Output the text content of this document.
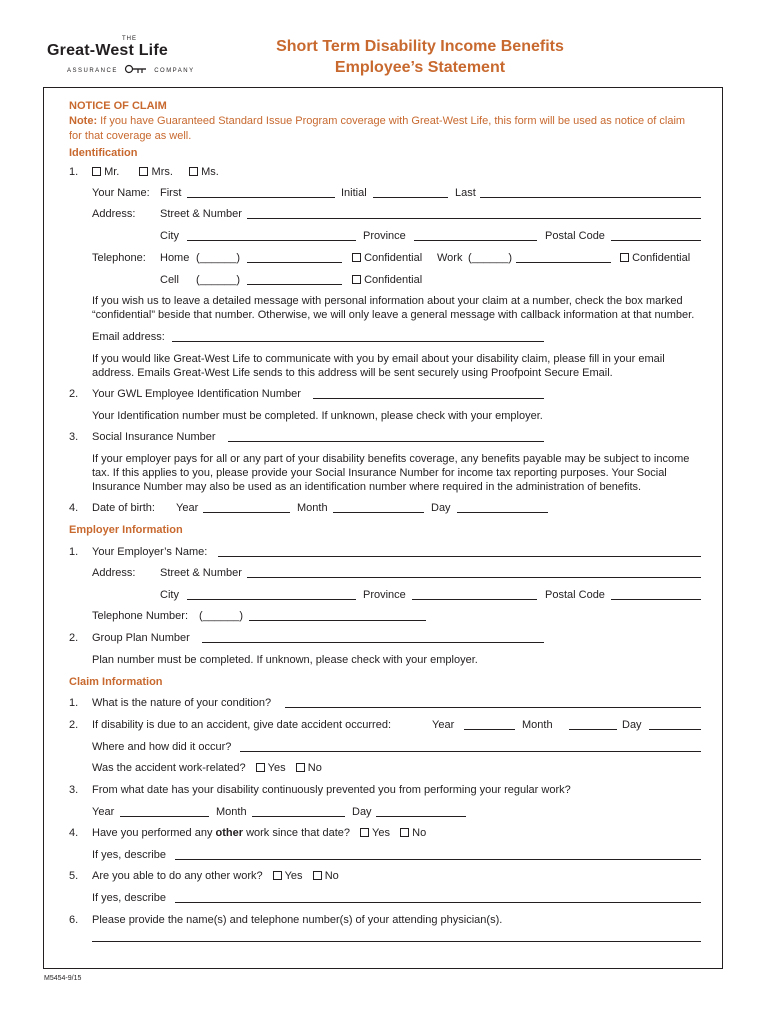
THE
Great-West Life
ASSURANCE	COMPANY
Short Term Disability Income Benefits
Employee’s Statement
NOTICE OF CLAIM
Note: If you have Guaranteed Standard Issue Program coverage with Great-West Life, this form will be used as notice of claim
for that coverage as well.
Identification
1.	Mr.	Mrs.	Ms.
Your Name: First	Initial	Last
Address: Street & Number
City	Province	Postal Code
Telephone: Home (______)	Confidential Work (______)	Confidential
Cell (______)	Confidential
If you wish us to leave a detailed message with personal information about your claim at a number, check the box marked
“confidential” beside that number. Otherwise, we will only leave a general message with callback information at that number.
Email address:
If you would like Great-West Life to communicate with you by email about your disability claim, please fill in your email
address. Emails Great-West Life sends to this address will be sent securely using Proofpoint Secure Email.
2. Your GWL Employee Identification Number
Your Identification number must be completed. If unknown, please check with your employer.
3. Social Insurance Number
If your employer pays for all or any part of your disability benefits coverage, any benefits payable may be subject to income
tax. If this applies to you, please provide your Social Insurance Number for income tax reporting purposes. Your Social
Insurance Number may also be used as an identification number where required in the administration of benefits.
4. Date of birth: Year	Month	Day
Employer Information
1. Your Employer’s Name:
Address: Street & Number
City	Province	Postal Code
Telephone Number: (______)
2. Group Plan Number
Plan number must be completed. If unknown, please check with your employer.
Claim Information
1. What is the nature of your condition?
2. If disability is due to an accident, give date accident occurred:	Year	Month	Day
Where and how did it occur?
Was the accident work-related? Yes No
3. From what date has your disability continuously prevented you from performing your regular work?
Year	Month	Day
4. Have you performed any other work since that date? Yes No
If yes, describe
5. Are you able to do any other work? Yes No
If yes, describe
6. Please provide the name(s) and telephone number(s) of your attending physician(s).
M5454-9/15
